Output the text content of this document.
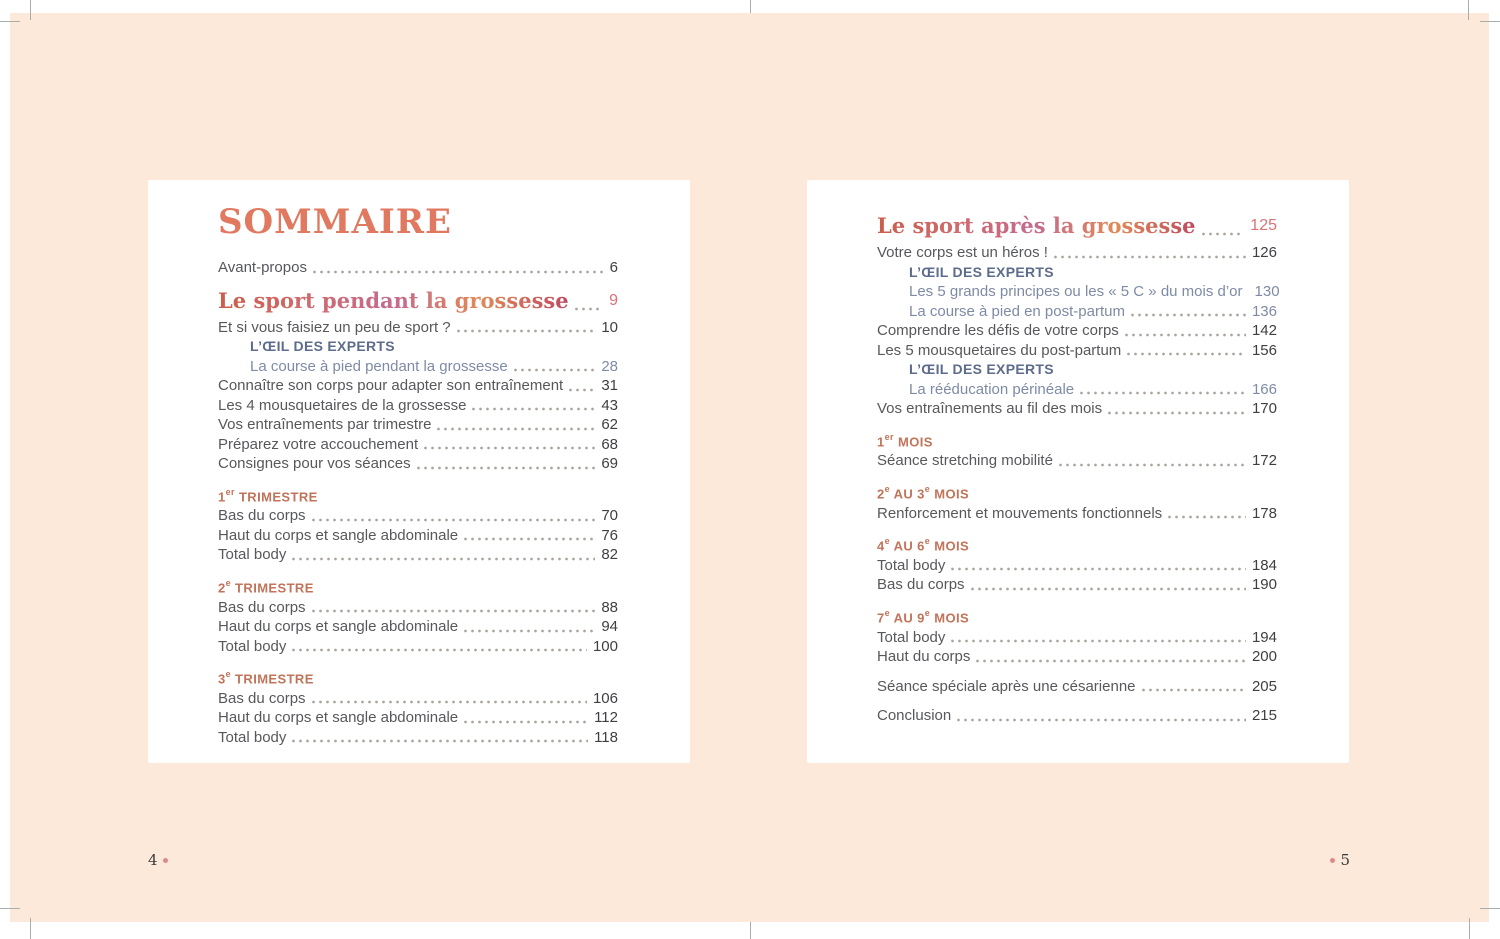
SOMMAIRE
Avant-propos	6
Le sport pendant la grossesse	9
Et si vous faisiez un peu de sport ?	10
L’ŒIL DES EXPERTS
La course à pied pendant la grossesse	28
Connaître son corps pour adapter son entraînement	31
Les 4 mousquetaires de la grossesse	43
Vos entraînements par trimestre	62
Préparez votre accouchement	68
Consignes pour vos séances	69
1er TRIMESTRE
Bas du corps	70
Haut du corps et sangle abdominale	76
Total body	82
2e TRIMESTRE
Bas du corps	88
Haut du corps et sangle abdominale	94
Total body	100
3e TRIMESTRE
Bas du corps	106
Haut du corps et sangle abdominale	112
Total body	118
Le sport après la grossesse	125
Votre corps est un héros !	126
L’ŒIL DES EXPERTS
Les 5 grands principes ou les « 5 C » du mois d’or 130
La course à pied en post-partum	136
Comprendre les défis de votre corps	142
Les 5 mousquetaires du post-partum	156
L’ŒIL DES EXPERTS
La rééducation périnéale	166
Vos entraînements au fil des mois	170
1er MOIS
Séance stretching mobilité	172
2e AU 3e MOIS
Renforcement et mouvements fonctionnels	178
4e AU 6e MOIS
Total body	184
Bas du corps	190
7e AU 9e MOIS
Total body	194
Haut du corps	200
Séance spéciale après une césarienne	205
Conclusion	215
4	5
